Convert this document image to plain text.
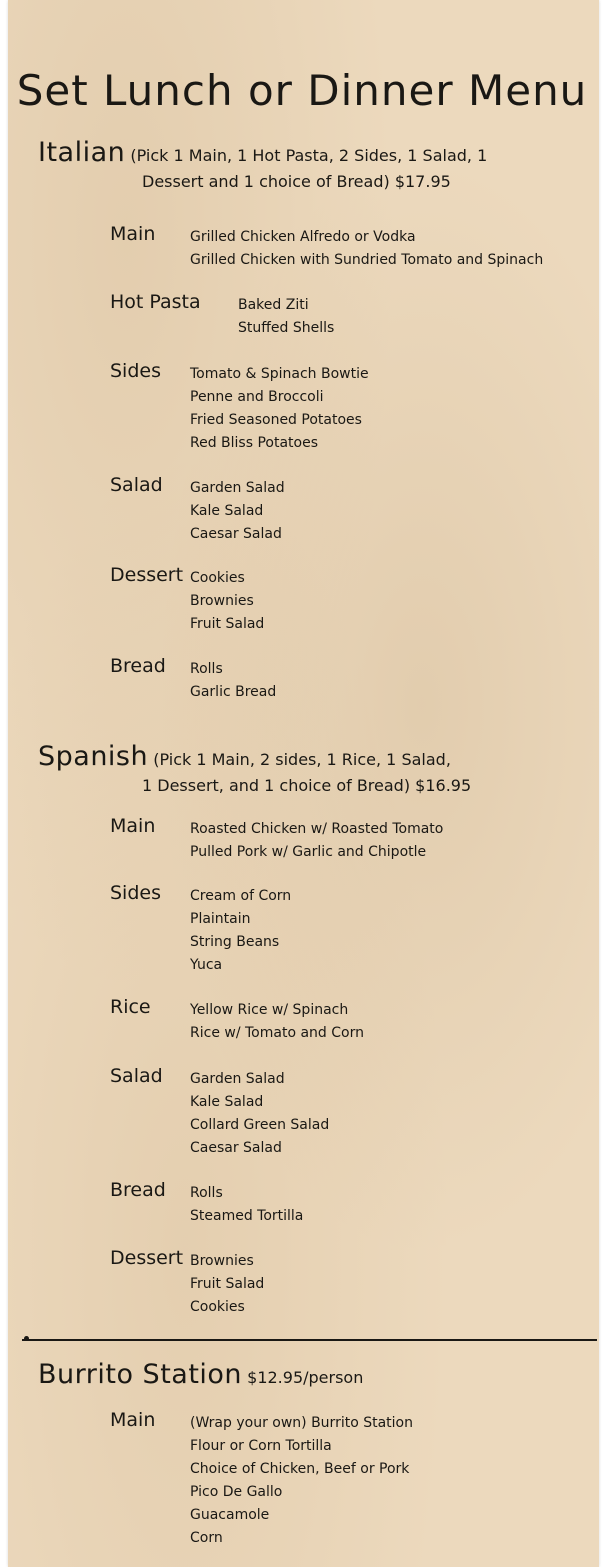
Set Lunch or Dinner Menu
Italian (Pick 1 Main, 1 Hot Pasta, 2 Sides, 1 Salad, 1
Dessert and 1 choice of Bread) $17.95
Main Grilled Chicken Alfredo or Vodka
Grilled Chicken with Sundried Tomato and Spinach
Hot Pasta	Baked Ziti
Stuffed Shells
Sides Tomato & Spinach Bowtie
Penne and Broccoli
Fried Seasoned Potatoes
Red Bliss Potatoes
Salad Garden Salad
Kale Salad
Caesar Salad
Dessert Cookies
Brownies
Fruit Salad
Bread Rolls
Garlic Bread
Spanish (Pick 1 Main, 2 sides, 1 Rice, 1 Salad,
1 Dessert, and 1 choice of Bread) $16.95
Main Roasted Chicken w/ Roasted Tomato
Pulled Pork w/ Garlic and Chipotle
Sides Cream of Corn
Plaintain
String Beans
Yuca
Rice	Yellow Rice w/ Spinach
Rice w/ Tomato and Corn
Salad Garden Salad
Kale Salad
Collard Green Salad
Caesar Salad
Bread Rolls
Steamed Tortilla
Dessert Brownies
Fruit Salad
Cookies
Burrito Station $12.95/person
Main (Wrap your own) Burrito Station
Flour or Corn Tortilla
Choice of Chicken, Beef or Pork
Pico De Gallo
Guacamole
Corn
